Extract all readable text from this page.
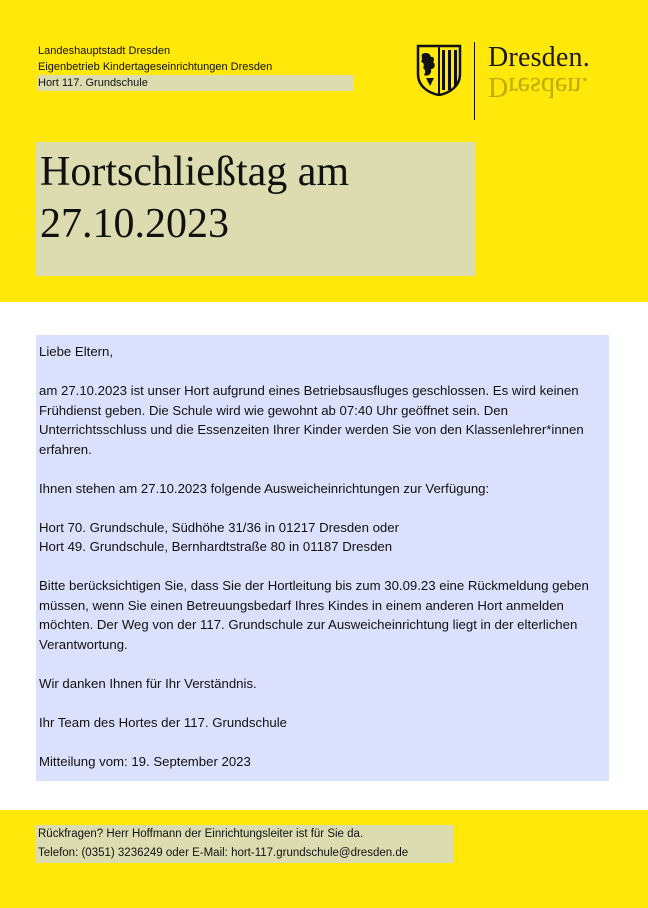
Landeshauptstadt Dresden
Eigenbetrieb Kindertageseinrichtungen Dresden
Hort 117. Grundschule
Dresden.
Dresden.
Hortschließtag am
27.10.2023

Liebe Eltern,

am 27.10.2023 ist unser Hort aufgrund eines Betriebsausfluges geschlossen. Es wird keinen Frühdienst geben. Die Schule wird wie gewohnt ab 07:40 Uhr geöffnet sein. Den Unterrichtsschluss und die Essenzeiten Ihrer Kinder werden Sie von den Klassenlehrer*innen erfahren.

Ihnen stehen am 27.10.2023 folgende Ausweicheinrichtungen zur Verfügung:

Hort 70. Grundschule, Südhöhe 31/36 in 01217 Dresden oder

Hort 49. Grundschule, Bernhardtstraße 80 in 01187 Dresden

Bitte berücksichtigen Sie, dass Sie der Hortleitung bis zum 30.09.23 eine Rückmeldung geben müssen, wenn Sie einen Betreuungsbedarf Ihres Kindes in einem anderen Hort anmelden möchten. Der Weg von der 117. Grundschule zur Ausweicheinrichtung liegt in der elterlichen Verantwortung.

Wir danken Ihnen für Ihr Verständnis.

Ihr Team des Hortes der 117. Grundschule

Mitteilung vom: 19. September 2023

Rückfragen? Herr Hoffmann der Einrichtungsleiter ist für Sie da.
Telefon: (0351) 3236249 oder E-Mail: hort-117.grundschule@dresden.de
